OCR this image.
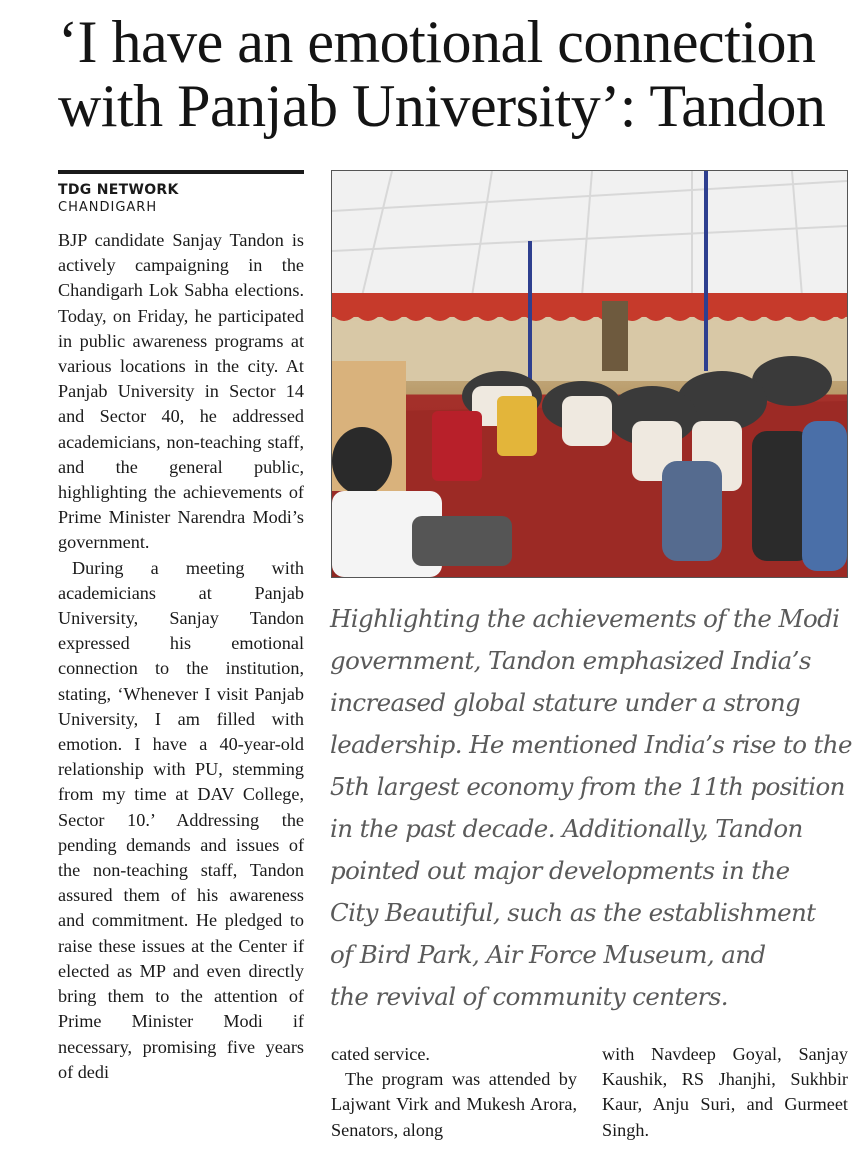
‘I have an emotional connection
with Panjab University’: Tandon
TDG NETWORK
CHANDIGARH

BJP candidate Sanjay Tandon is actively campaigning in the Chandigarh Lok Sabha elections. Today, on Friday, he participated in public awareness programs at various locations in the city. At Panjab University in Sector 14 and Sector 40, he addressed academicians, non-teaching staff, and the general public, highlighting the achievements of Prime Minister Narendra Modi’s government.

During a meeting with academicians at Panjab University, Sanjay Tandon expressed his emotional connection to the institution, stating, ‘Whenever I visit Panjab University, I am filled with emotion. I have a 40-year-old relationship with PU, stemming from my time at DAV College, Sector 10.’ Addressing the pending demands and issues of the non-teaching staff, Tandon assured them of his awareness and commitment. He pledged to raise these issues at the Center if elected as MP and even directly bring them to the attention of Prime Minister Modi if necessary, promising five years of dedi

Highlighting the achievements of the Modi
government, Tandon emphasized India’s
increased global stature under a strong
leadership. He mentioned India’s rise to the
5th largest economy from the 11th position
in the past decade. Additionally, Tandon
pointed out major developments in the
City Beautiful, such as the establishment
of Bird Park, Air Force Museum, and
the revival of community centers.

cated service.

The program was attended by Lajwant Virk and Mukesh Arora, Senators, along

with Navdeep Goyal, Sanjay Kaushik, RS Jhanjhi, Sukhbir Kaur, Anju Suri, and Gurmeet Singh.
